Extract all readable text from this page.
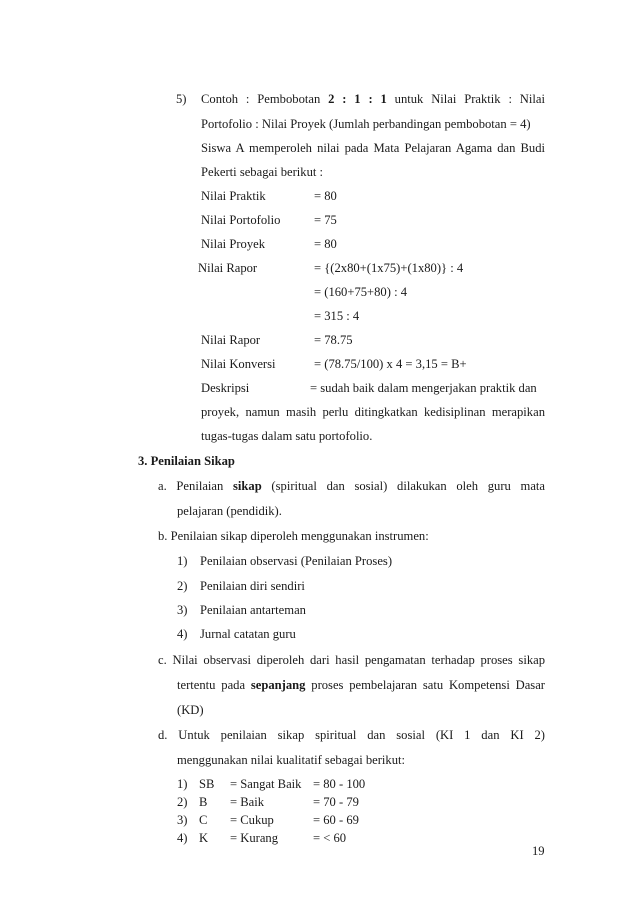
5) Contoh : Pembobotan 2 : 1 : 1 untuk Nilai Praktik : Nilai
Portofolio : Nilai Proyek (Jumlah perbandingan pembobotan = 4)
Siswa A memperoleh nilai pada Mata Pelajaran Agama dan Budi
Pekerti sebagai berikut :
Nilai Praktik	= 80
Nilai Portofolio	= 75
Nilai Proyek	= 80
Nilai Rapor	= {(2x80+(1x75)+(1x80)} : 4
= (160+75+80) : 4
= 315 : 4
Nilai Rapor	= 78.75
Nilai Konversi	= (78.75/100) x 4 = 3,15 = B+
Deskripsi	= sudah baik dalam mengerjakan praktik dan
proyek, namun masih perlu ditingkatkan kedisiplinan merapikan
tugas-tugas dalam satu portofolio.
3. Penilaian Sikap
a. Penilaian sikap (spiritual dan sosial) dilakukan oleh guru mata
pelajaran (pendidik).
b. Penilaian sikap diperoleh menggunakan instrumen:
1) Penilaian observasi (Penilaian Proses)
2) Penilaian diri sendiri
3) Penilaian antarteman
4) Jurnal catatan guru
c. Nilai observasi diperoleh dari hasil pengamatan terhadap proses sikap
tertentu pada sepanjang proses pembelajaran satu Kompetensi Dasar
(KD)
d. Untuk penilaian sikap spiritual dan sosial (KI 1 dan KI 2)
menggunakan nilai kualitatif sebagai berikut:
1) SB = Sangat Baik = 80 - 100
2) B = Baik	= 70 - 79
3) C = Cukup	= 60 - 69
4) K = Kurang	= < 60
19
